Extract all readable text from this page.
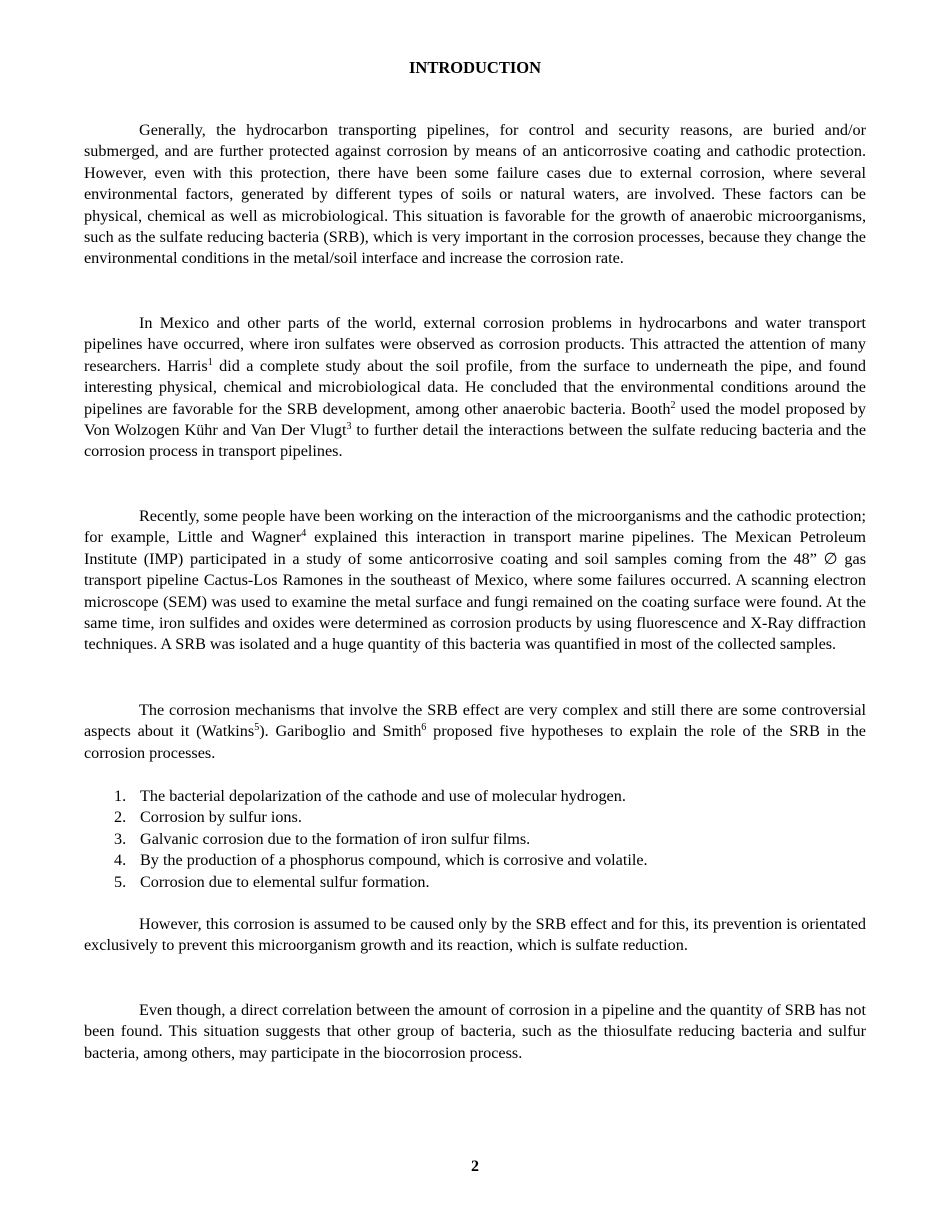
INTRODUCTION

Generally, the hydrocarbon transporting pipelines, for control and security reasons, are buried and/or submerged, and are further protected against corrosion by means of an anticorrosive coating and cathodic protection. However, even with this protection, there have been some failure cases due to external corrosion, where several environmental factors, generated by different types of soils or natural waters, are involved. These factors can be physical, chemical as well as microbiological. This situation is favorable for the growth of anaerobic microorganisms, such as the sulfate reducing bacteria (SRB), which is very important in the corrosion processes, because they change the environmental conditions in the metal/soil interface and increase the corrosion rate.

In Mexico and other parts of the world, external corrosion problems in hydrocarbons and water transport pipelines have occurred, where iron sulfates were observed as corrosion products. This attracted the attention of many researchers. Harris$^1$ did a complete study about the soil profile, from the surface to underneath the pipe, and found interesting physical, chemical and microbiological data. He concluded that the environmental conditions around the pipelines are favorable for the SRB development, among other anaerobic bacteria. Booth$^2$ used the model proposed by Von Wolzogen Kühr and Van Der Vlugt$^3$ to further detail the interactions between the sulfate reducing bacteria and the corrosion process in transport pipelines.

Recently, some people have been working on the interaction of the microorganisms and the cathodic protection; for example, Little and Wagner$^4$ explained this interaction in transport marine pipelines. The Mexican Petroleum Institute (IMP) participated in a study of some anticorrosive coating and soil samples coming from the 48” ∅ gas transport pipeline Cactus-Los Ramones in the southeast of Mexico, where some failures occurred. A scanning electron microscope (SEM) was used to examine the metal surface and fungi remained on the coating surface were found. At the same time, iron sulfides and oxides were determined as corrosion products by using fluorescence and X-Ray diffraction techniques. A SRB was isolated and a huge quantity of this bacteria was quantified in most of the collected samples.

The corrosion mechanisms that involve the SRB effect are very complex and still there are some controversial aspects about it (Watkins$^5$). Gariboglio and Smith$^6$ proposed five hypotheses to explain the role of the SRB in the corrosion processes.

1. The bacterial depolarization of the cathode and use of molecular hydrogen.
2. Corrosion by sulfur ions.
3. Galvanic corrosion due to the formation of iron sulfur films.
4. By the production of a phosphorus compound, which is corrosive and volatile.
5. Corrosion due to elemental sulfur formation.

However, this corrosion is assumed to be caused only by the SRB effect and for this, its prevention is orientated exclusively to prevent this microorganism growth and its reaction, which is sulfate reduction.

Even though, a direct correlation between the amount of corrosion in a pipeline and the quantity of SRB has not been found. This situation suggests that other group of bacteria, such as the thiosulfate reducing bacteria and sulfur bacteria, among others, may participate in the biocorrosion process.

2
